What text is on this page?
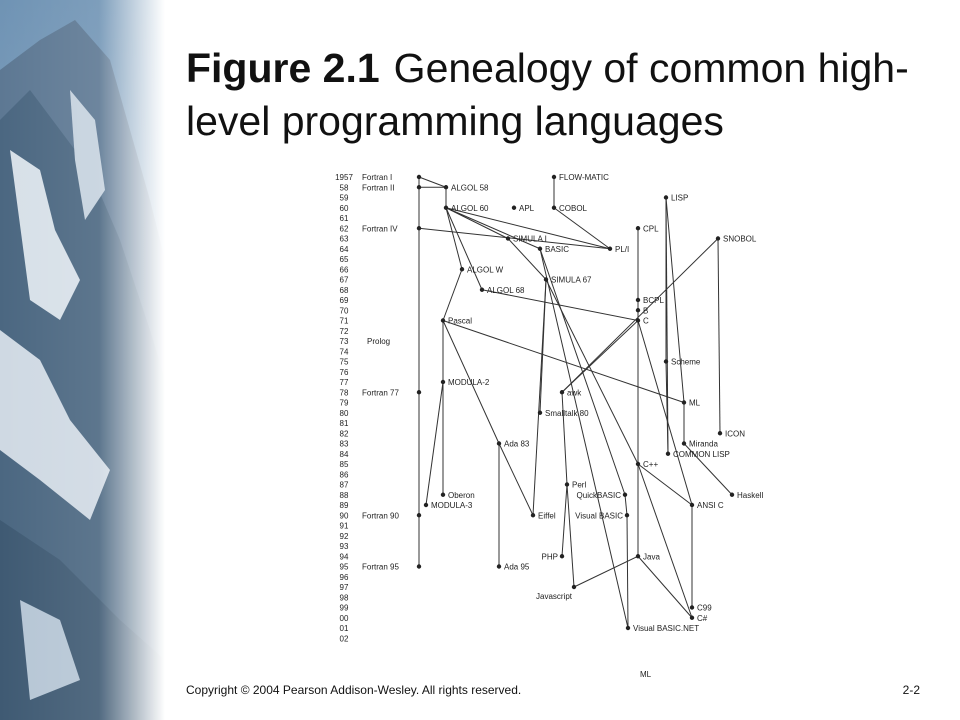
Figure 2.1 Genealogy of common high-level programming languages
1957
58
59
60
61
62
63
64
65
66
67
68
69
70
71
72
73
74
75
76
77
78
79
80
81
82
83
84
85
86
87
88
89
90
91
92
93
94
95
96
97
98
99
00
01
02
Fortran I
Fortran II	ALGOL 58
FLOW-MATIC
LISP
ALGOL 60	APL	COBOL
Fortran IV	CPL
SIMULA I	SNOBOL
BASIC	PL/I
ALGOL W
SIMULA 67
ALGOL 68
BCPL
B
Pascal	C
Prolog
Scheme
MODULA-2
Fortran 77	awk
ML
Smalltalk 80
Ada 83
ICON
Miranda
COMMON LISP
C++
Perl
QuickBASIC
Oberon	Haskell
MODULA-3	ANSI C
Fortran 90	Eiffel Visual BASIC
PHP	Java
Fortran 95	Ada 95
Javascript
C99
C#
Visual BASIC.NET
ML
Copyright © 2004 Pearson Addison-Wesley. All rights reserved.	2-2
